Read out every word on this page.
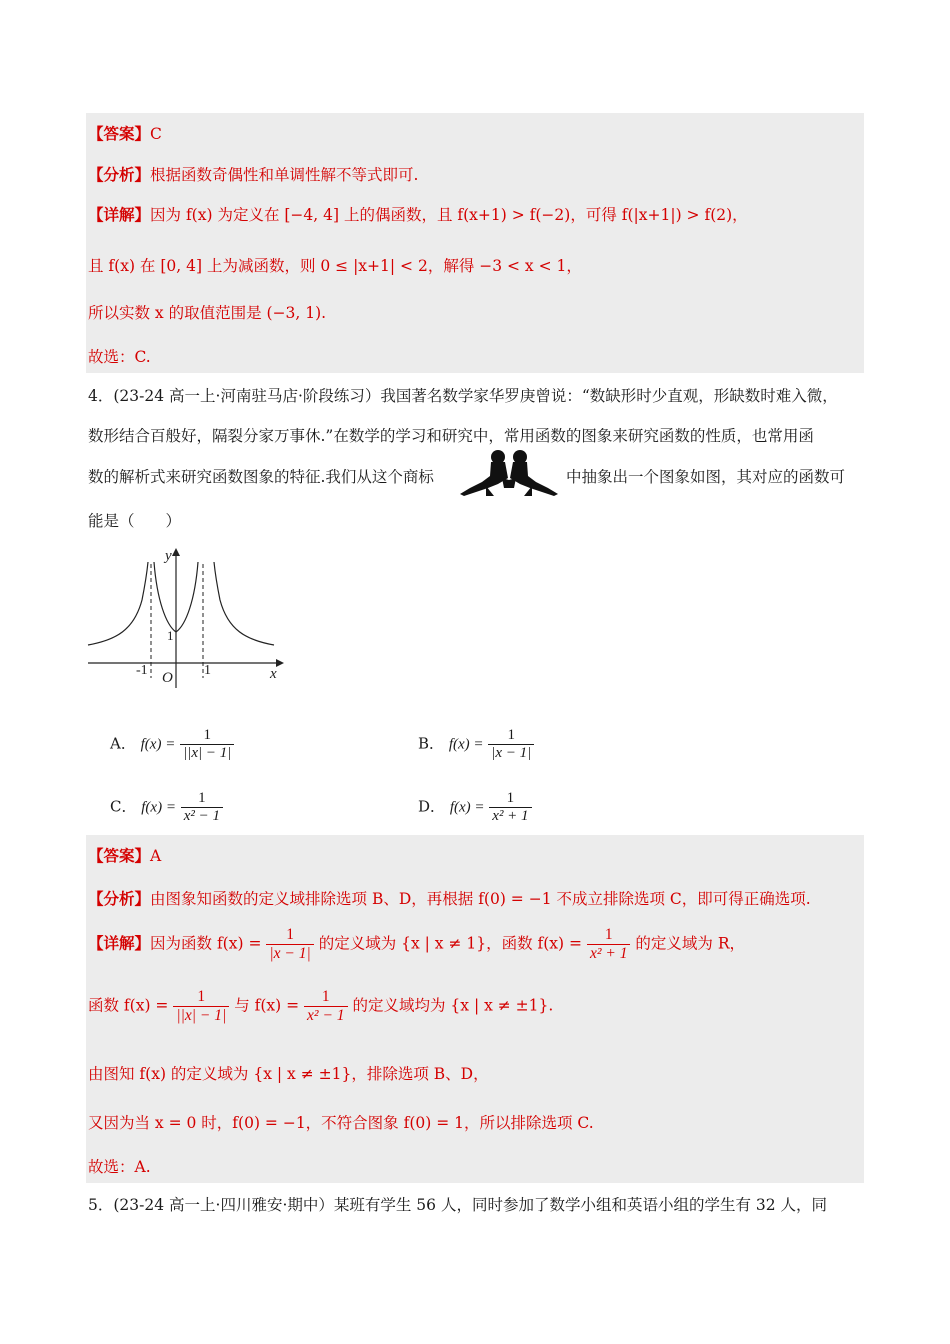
【答案】C
【分析】根据函数奇偶性和单调性解不等式即可.
【详解】因为 f(x) 为定义在 [−4, 4] 上的偶函数，且 f(x+1) > f(−2)，可得 f(|x+1|) > f(2)，
且 f(x) 在 [0, 4] 上为减函数，则 0 ≤ |x+1| < 2，解得 −3 < x < 1，
所以实数 x 的取值范围是 (−3, 1).
故选：C.
4．(23-24 高一上·河南驻马店·阶段练习）我国著名数学家华罗庚曾说：“数缺形时少直观，形缺数时难入微，
数形结合百般好，隔裂分家万事休.”在数学的学习和研究中，常用函数的图象来研究函数的性质，也常用函
数的解析式来研究函数图象的特征.我们从这个商标	中抽象出一个图象如图，其对应的函数可
能是（　　）
y
x
O
-1	1
1
A． $f(x) = \frac{1}{||x| - 1|}$	B． $f(x) = \frac{1}{|x - 1|}$
C． $f(x) = \frac{1}{\text{x² − 1}}$	D． $f(x) = \frac{1}{\text{x² + 1}}$
【答案】A
【分析】由图象知函数的定义域排除选项 B、D，再根据 f(0) = −1 不成立排除选项 C，即可得正确选项.
【详解】因为函数 $f(x) = \frac{1}{|x - 1|}$ 的定义域为 {x | x ≠ 1}，函数 $f(x) = \frac{1}{\text{x² + 1}}$ 的定义域为 R，
函数 $f(x) = \frac{1}{||x| - 1|}$ 与 $f(x) = \frac{1}{\text{x² − 1}}$ 的定义域均为 {x | x ≠ ±1}.
由图知 f(x) 的定义域为 {x | x ≠ ±1}，排除选项 B、D，
又因为当 x = 0 时，f(0) = −1，不符合图象 f(0) = 1，所以排除选项 C.
故选：A.
5．(23-24 高一上·四川雅安·期中）某班有学生 56 人，同时参加了数学小组和英语小组的学生有 32 人，同
